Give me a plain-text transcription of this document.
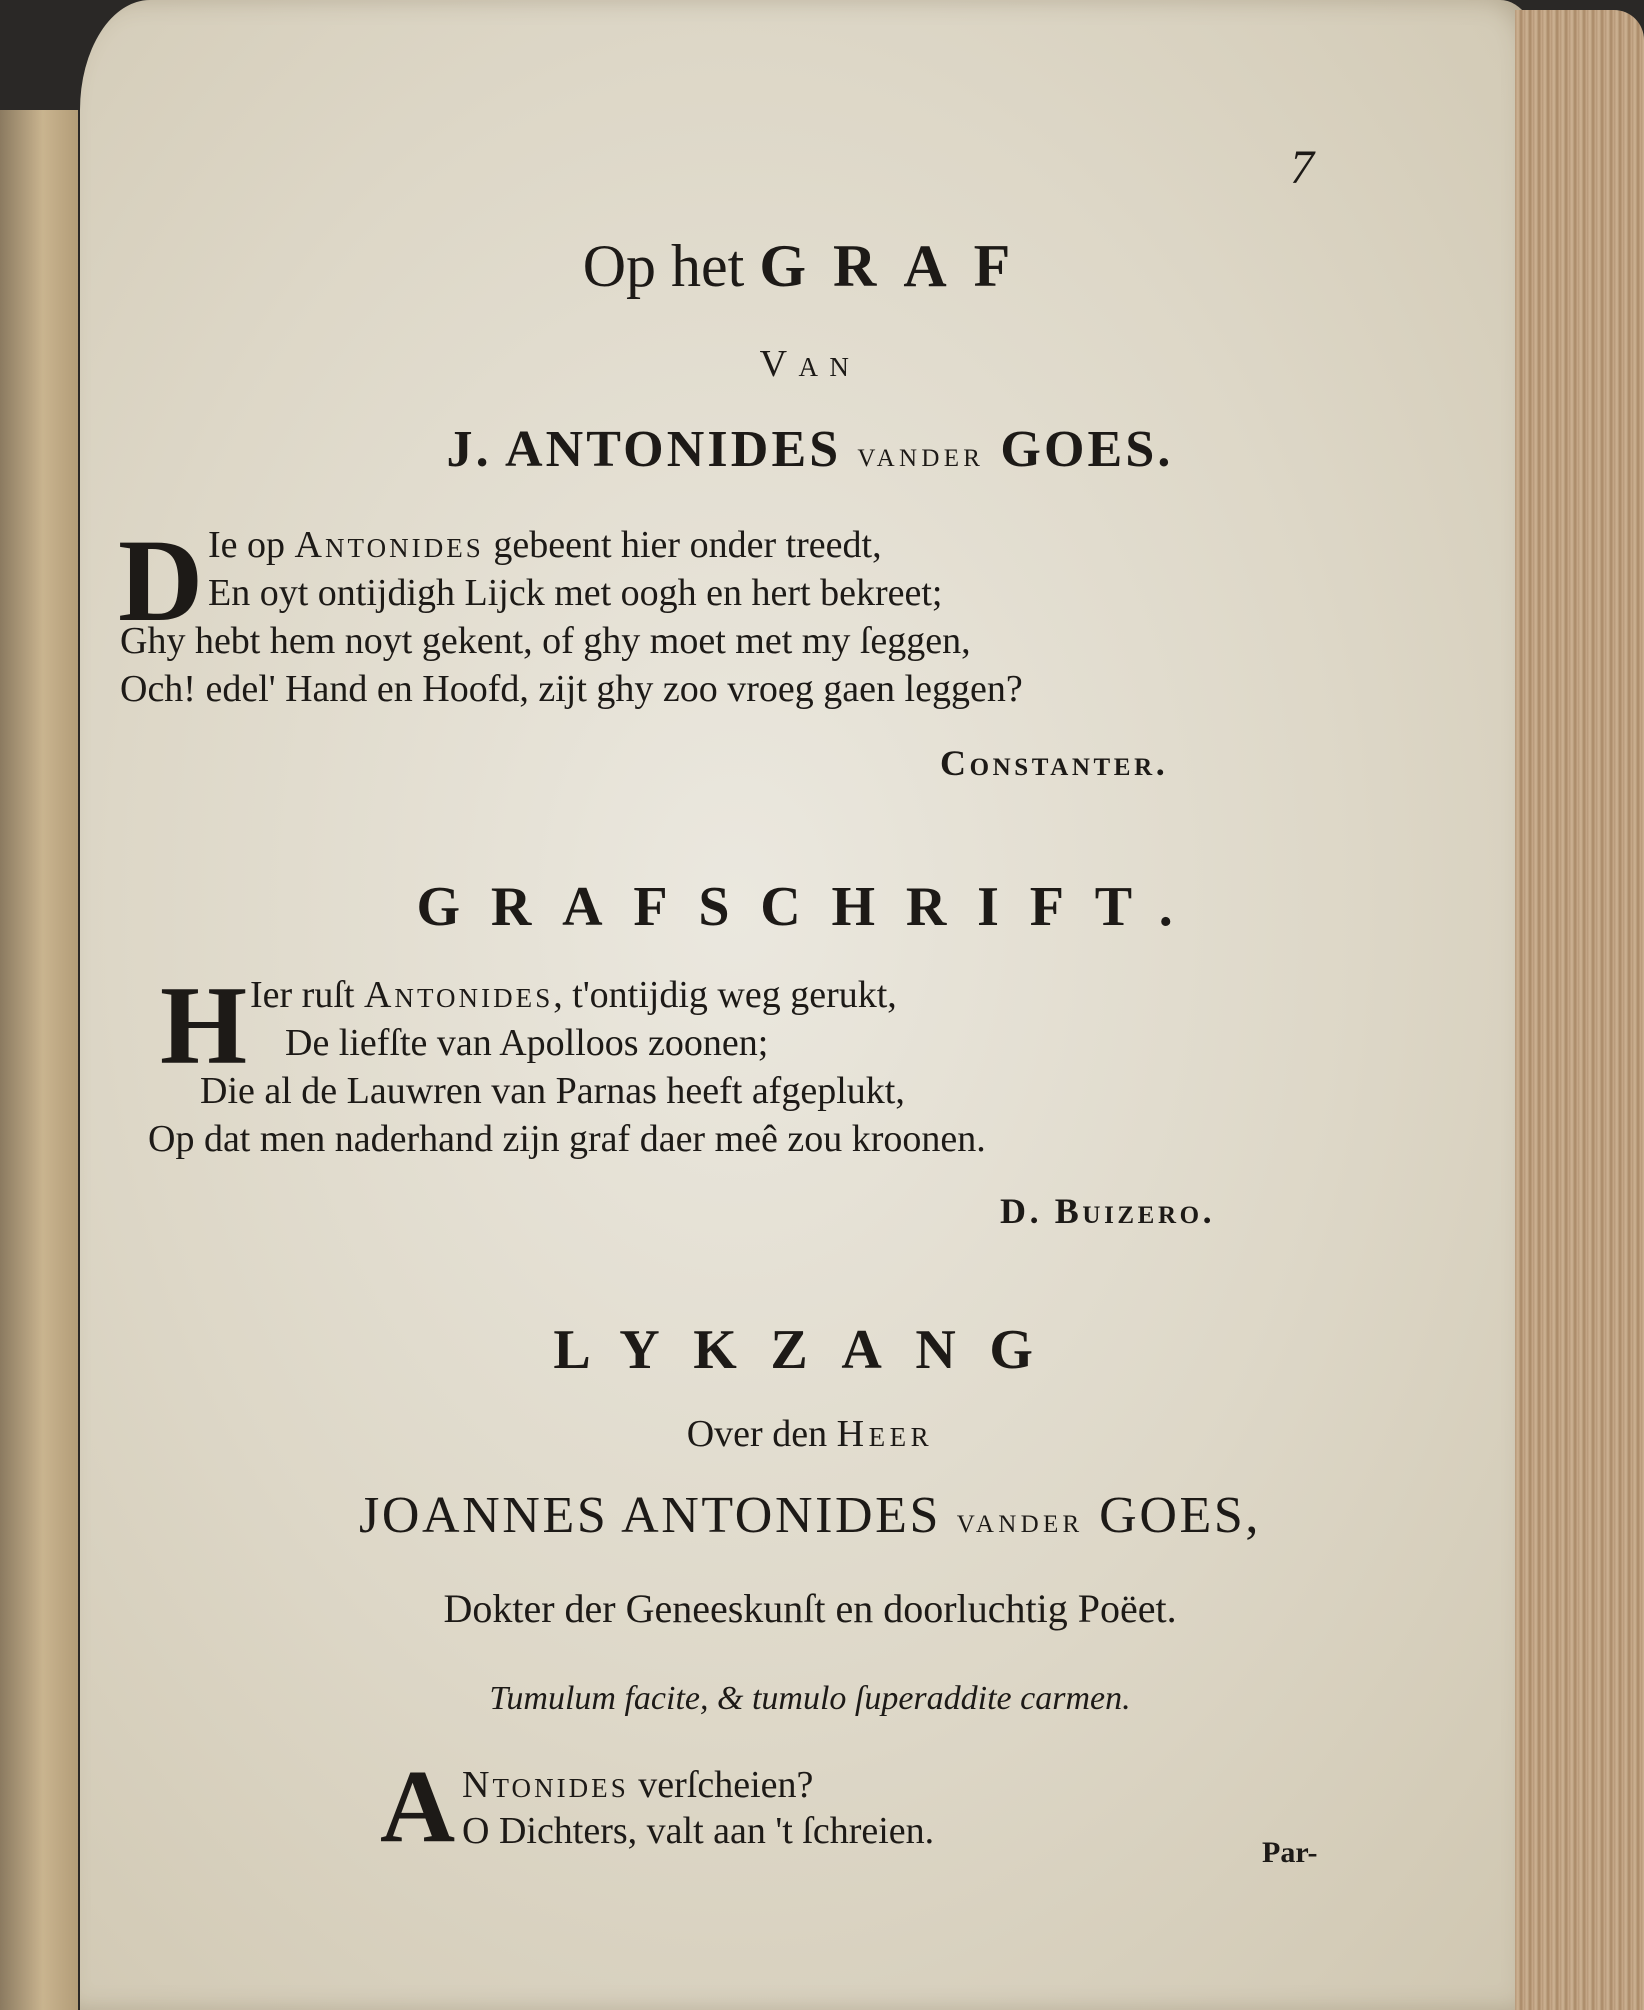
7
Op het GRAF
Van
J. ANTONIDES vander GOES.
D Ie op Antonides gebeent hier onder treedt,
En oyt ontijdigh Lijck met oogh en hert bekreet;
Ghy hebt hem noyt gekent, of ghy moet met my ſeggen,
Och! edel' Hand en Hoofd, zijt ghy zoo vroeg gaen leggen?
Constanter.
GRAFSCHRIFT.
H Ier ruſt Antonides, t'ontijdig weg gerukt,
De liefſte van Apolloos zoonen;
Die al de Lauwren van Parnas heeft afgeplukt,
Op dat men naderhand zijn graf daer meê zou kroonen.
D. Buizero.
LYKZANG
Over den Heer
JOANNES ANTONIDES vander GOES,
Dokter der Geneeskunſt en doorluchtig Poëet.
Tumulum facite, & tumulo ſuperaddite carmen.
A Ntonides verſcheien?
O Dichters, valt aan 't ſchreien.
Par-
